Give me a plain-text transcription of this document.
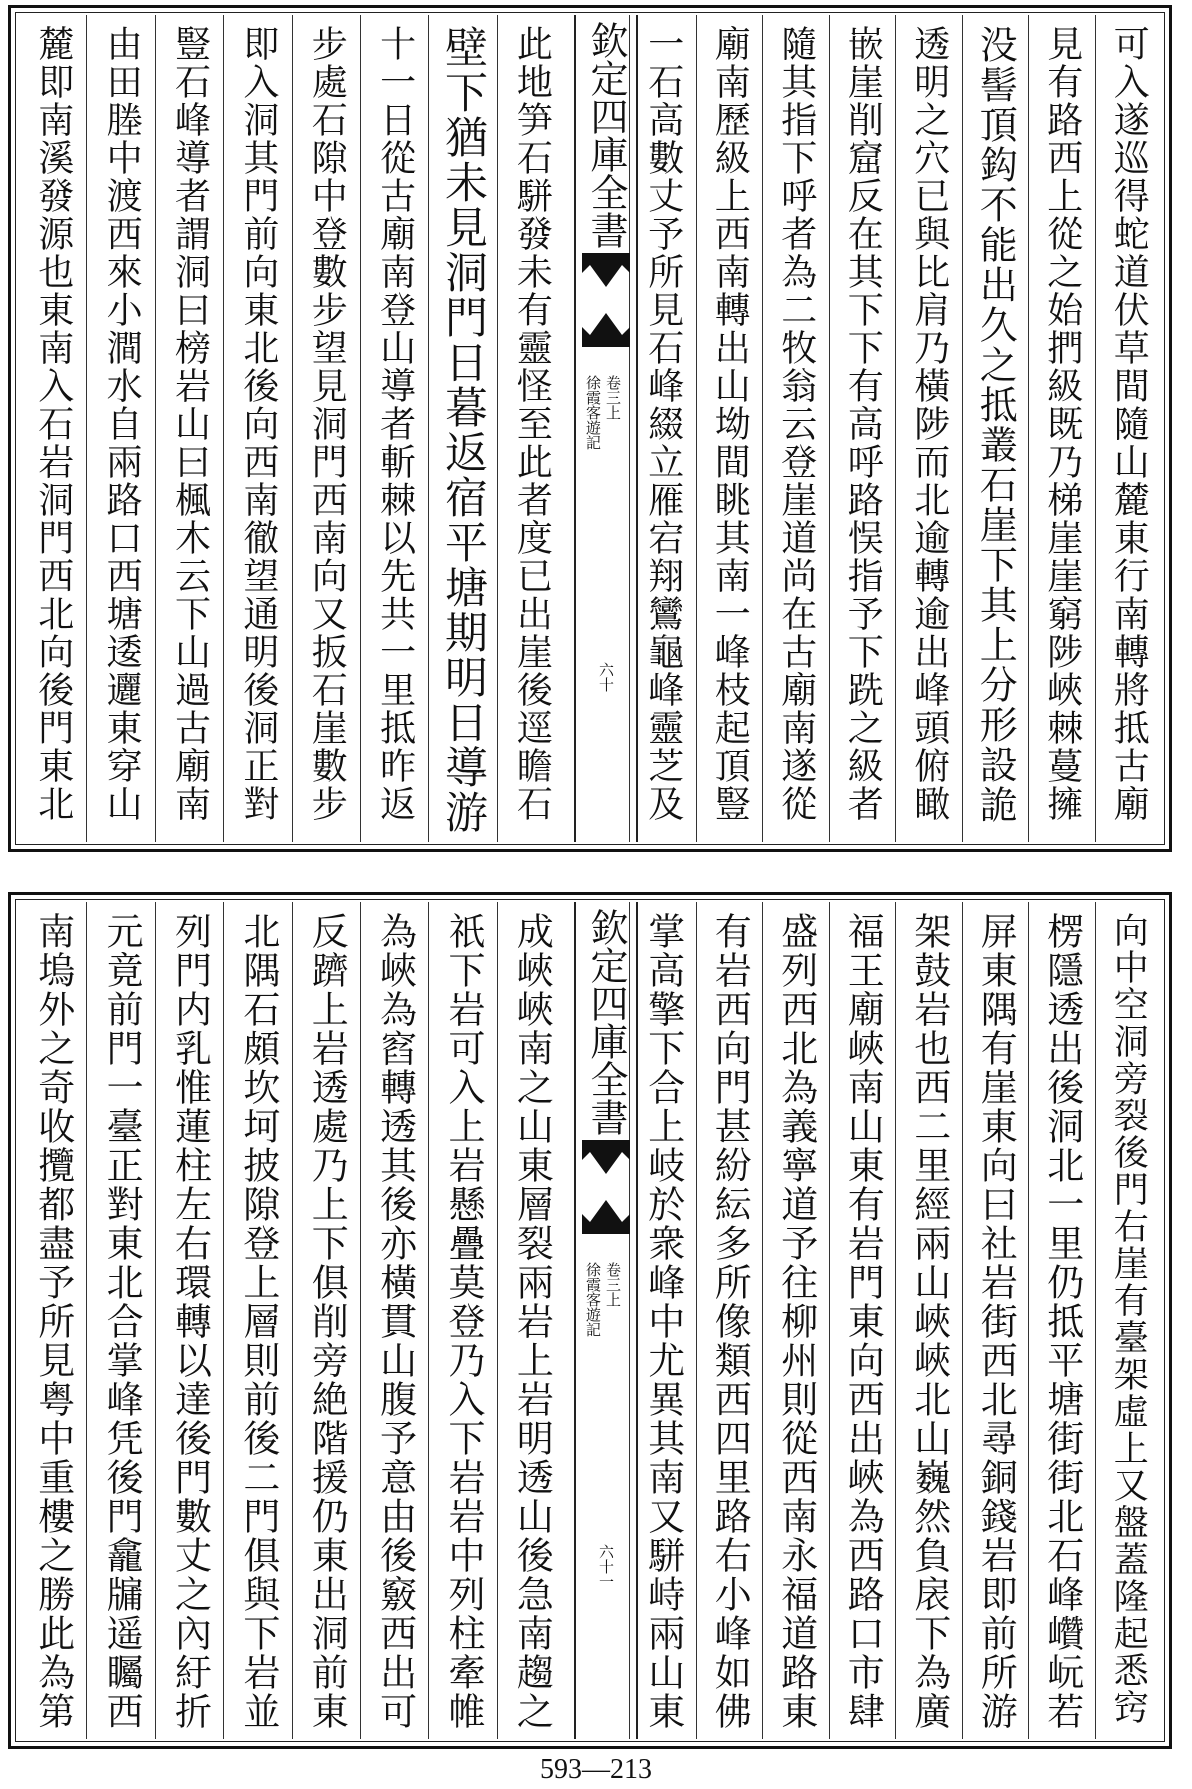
可入遂巡得蛇道伏草間隨山麓東行南轉將抵古廟
見有路西上從之始捫級既乃梯崖崖窮陟峽棘蔓擁
没髻頂鈎不能出久之抵叢石崖下其上分形設詭
透明之穴已與比肩乃橫陟而北逾轉逾出峰頭俯瞰
嵌崖削窟反在其下下有高呼路悮指予下跣之級者
隨其指下呼者為二牧翁云登崖道尚在古廟南遂從
廟南歷級上西南轉出山坳間眺其南一峰枝起頂豎
一石高數丈予所見石峰綴立雁宕翔鸞龜峰靈芝及
欽定四庫全書
徐霞客遊記 卷三上
六十
此地笋石駢發未有靈怪至此者度已出崖後逕瞻石
壁下猶未見洞門日暮返宿平塘期明日導游
十一日從古廟南登山導者斬棘以先共一里抵昨返
步處石隙中登數步望見洞門西南向又扳石崖數步
即入洞其門前向東北後向西南徹望通明後洞正對
豎石峰導者謂洞曰榜岩山曰楓木云下山過古廟南
由田塍中渡西來小澗水自兩路口西塘逶邐東穿山
麓即南溪發源也東南入石岩洞門西北向後門東北
向中空洞旁裂後門右崖有臺架虛上又盤蓋隆起悉窍
楞隱透出後洞北一里仍抵平塘街街北石峰巑岏若
屏東隅有崖東向曰社岩街西北尋銅錢岩即前所游
架鼓岩也西二里經兩山峽峽北山巍然負扆下為廣
福王廟峽南山東有岩門東向西出峽為西路口市肆
盛列西北為義寧道予往柳州則從西南永福道路東
有岩西向門甚紛紜多所像類西四里路右小峰如佛
掌高擎下合上岐於衆峰中尤異其南又駢峙兩山東
欽定四庫全書
徐霞客遊記 卷三上
六十一
成峽峽南之山東層裂兩岩上岩明透山後急南趨之
祇下岩可入上岩懸疊莫登乃入下岩岩中列柱牽帷
為峽為窞轉透其後亦橫貫山腹予意由後竅西出可
反躋上岩透處乃上下俱削旁絶階援仍東出洞前東
北隅石頗坎坷披隙登上層則前後二門俱與下岩並
列門内乳惟蓮柱左右環轉以達後門數丈之內紆折
元竟前門一臺正對東北合掌峰凭後門龕牖遥矚西
南塢外之奇收攬都盡予所見粤中重樓之勝此為第
593—213
